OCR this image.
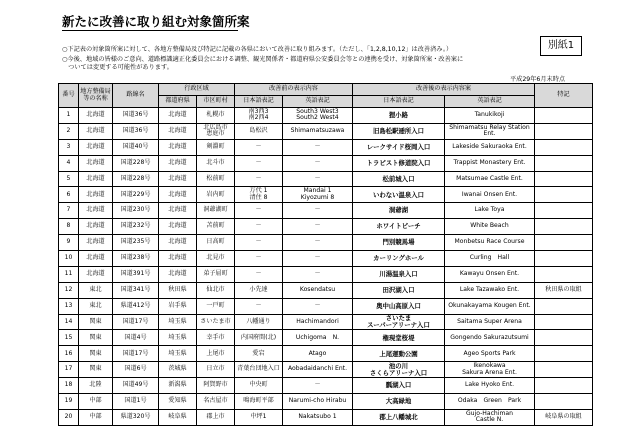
新たに改善に取り組む対象箇所案
別紙1
○下記表の対象箇所案に対して、各地方整備局及び特記に記載の各県において改善に取り組みます。（ただし、「1,2,8,10,12」は改善済み。）
○今後、地域の皆様のご意向、道路標識適正化委員会における調整、観光関係者・都道府県公安委員会等との連携を受け、対象箇所案・改善案に
　ついては変更する可能性があります。
平成29年6月末時点
番号	地方整備局等の名称	路線名	行政区域		改善前の表示内容		改善後の表示内容案		特記
			都道府県	市区町村	日本語表記	英語表記	日本語表記	英語表記	
1	北海道	国道36号	北海道	札幌市	南3西3
南2西4	South3 West3
South2 West4	狸小路	Tanukikoji	

2	北海道	国道36号	北海道	北広島市
恵庭市	島松沢	Shimamatsuzawa	旧島松駅逓所入口	Shimamatsu Relay Station
Ent.	

3	北海道	国道40号	北海道	剣淵町	－	－	レークサイド桜岡入口	Lakeside Sakuraoka Ent.	

4	北海道	国道228号	北海道	北斗市	－	－	トラピスト修道院入口	Trappist Monastery Ent.	

5	北海道	国道228号	北海道	松前町	－	－	松前城入口	Matsumae Castle Ent.	

6	北海道	国道229号	北海道	岩内町	万代 1
清住 8	Mandai 1
Kiyozumi 8	いわない温泉入口	Iwanai Onsen Ent.	

7	北海道	国道230号	北海道	洞爺湖町	－	－	洞爺湖	Lake Toya	

8	北海道	国道232号	北海道	苫前町	－	－	ホワイトビーチ	White Beach	

9	北海道	国道235号	北海道	日高町	－	－	門別競馬場	Monbetsu Race Course	

10	北海道	国道238号	北海道	北見市	－	－	カーリングホール	Curling　Hall	

11	北海道	国道391号	北海道	弟子屈町	－	－	川湯温泉入口	Kawayu Onsen Ent.	

12	東北	国道341号	秋田県	仙北市	小先達	Kosendatsu	田沢湖入口	Lake Tazawako Ent.	秋田県の取組
13	東北	県道412号	岩手県	一戸町	－	－	奥中山高原入口	Okunakayama Kougen Ent.	

14	関東	国道17号	埼玉県	さいたま市	八幡通り	Hachimandori	さいたま
スーパーアリーナ入口	Saitama Super Arena	

15	関東	国道4号	埼玉県	幸手市	内国府間(北)	Uchigoma　N.	権現堂桜堤	Gongendo Sakurazutsumi	

16	関東	国道17号	埼玉県	上尾市	愛宕	Atago	上尾運動公園	Ageo Sports Park	

17	関東	国道6号	茨城県	日立市	青葉台団地入口	Aobadaidanchi Ent.	池の川
さくらアリーナ入口	Ikenokawa
Sakura Arena Ent.	

18	北陸	国道49号	新潟県	阿賀野市	中央町	－	瓢湖入口	Lake Hyoko Ent.	

19	中部	国道1号	愛知県	名古屋市	鳴海町平部	Narumi-cho Hirabu	大高緑地	Odaka　Green　Park	

20	中部	県道320号	岐阜県	郡上市	中坪1	Nakatsubo 1	郡上八幡城北	Gujo-Hachiman
Castle N.	岐阜県の取組
